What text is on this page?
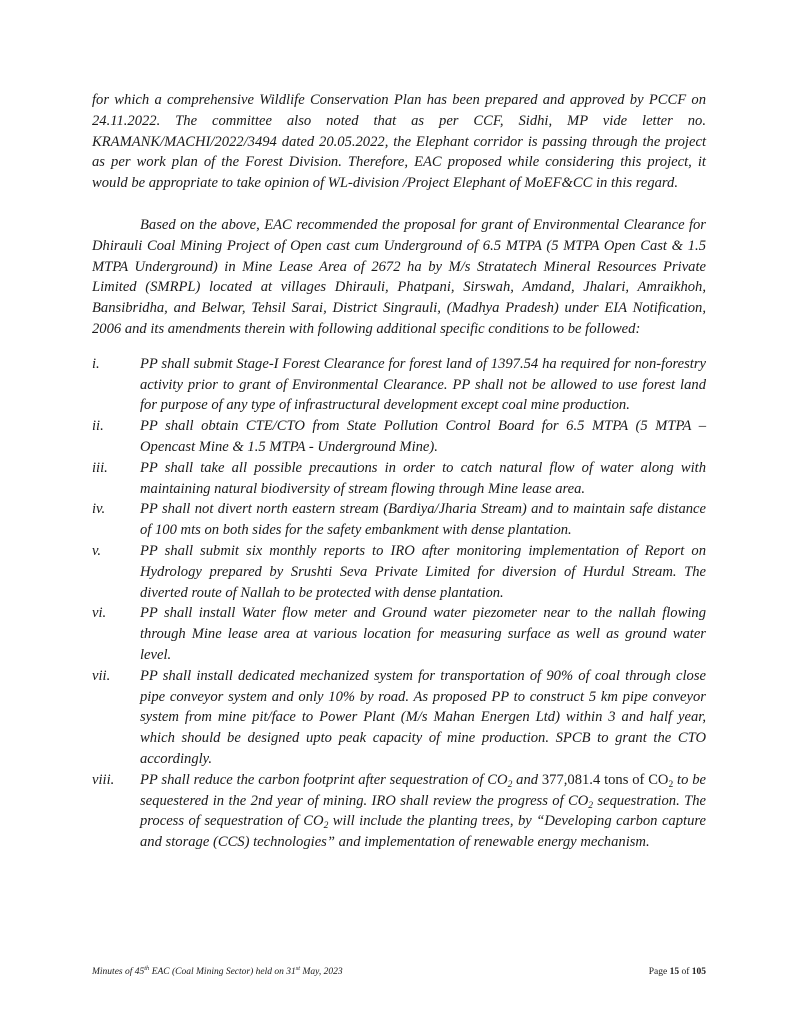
for which a comprehensive Wildlife Conservation Plan has been prepared and approved by PCCF on 24.11.2022. The committee also noted that as per CCF, Sidhi, MP vide letter no. KRAMANK/MACHI/2022/3494 dated 20.05.2022, the Elephant corridor is passing through the project as per work plan of the Forest Division. Therefore, EAC proposed while considering this project, it would be appropriate to take opinion of WL-division /Project Elephant of MoEF&CC in this regard.

Based on the above, EAC recommended the proposal for grant of Environmental Clearance for Dhirauli Coal Mining Project of Open cast cum Underground of 6.5 MTPA (5 MTPA Open Cast & 1.5 MTPA Underground) in Mine Lease Area of 2672 ha by M/s Stratatech Mineral Resources Private Limited (SMRPL) located at villages Dhirauli, Phatpani, Sirswah, Amdand, Jhalari, Amraikhoh, Bansibridha, and Belwar, Tehsil Sarai, District Singrauli, (Madhya Pradesh) under EIA Notification, 2006 and its amendments therein with following additional specific conditions to be followed:

i.	PP shall submit Stage-I Forest Clearance for forest land of 1397.54 ha required for non-forestry activity prior to grant of Environmental Clearance. PP shall not be allowed to use forest land for purpose of any type of infrastructural development except coal mine production.
ii.	PP shall obtain CTE/CTO from State Pollution Control Board for 6.5 MTPA (5 MTPA – Opencast Mine & 1.5 MTPA - Underground Mine).
iii.	PP shall take all possible precautions in order to catch natural flow of water along with maintaining natural biodiversity of stream flowing through Mine lease area.
iv.	PP shall not divert north eastern stream (Bardiya/Jharia Stream) and to maintain safe distance of 100 mts on both sides for the safety embankment with dense plantation.
v.	PP shall submit six monthly reports to IRO after monitoring implementation of Report on Hydrology prepared by Srushti Seva Private Limited for diversion of Hurdul Stream. The diverted route of Nallah to be protected with dense plantation.
vi.	PP shall install Water flow meter and Ground water piezometer near to the nallah flowing through Mine lease area at various location for measuring surface as well as ground water level.
vii.	PP shall install dedicated mechanized system for transportation of 90% of coal through close pipe conveyor system and only 10% by road. As proposed PP to construct 5 km pipe conveyor system from mine pit/face to Power Plant (M/s Mahan Energen Ltd) within 3 and half year, which should be designed upto peak capacity of mine production. SPCB to grant the CTO accordingly.
viii.	PP shall reduce the carbon footprint after sequestration of $CO_2$ and 377,081.4 tons of $CO_2$ to be sequestered in the 2nd year of mining. IRO shall review the progress of $CO_2$ sequestration. The process of sequestration of $CO_2$ will include the planting trees, by “Developing carbon capture and storage (CCS) technologies” and implementation of renewable energy mechanism.
Minutes of 45th EAC (Coal Mining Sector) held on 31st May, 2023	Page 15 of 105
